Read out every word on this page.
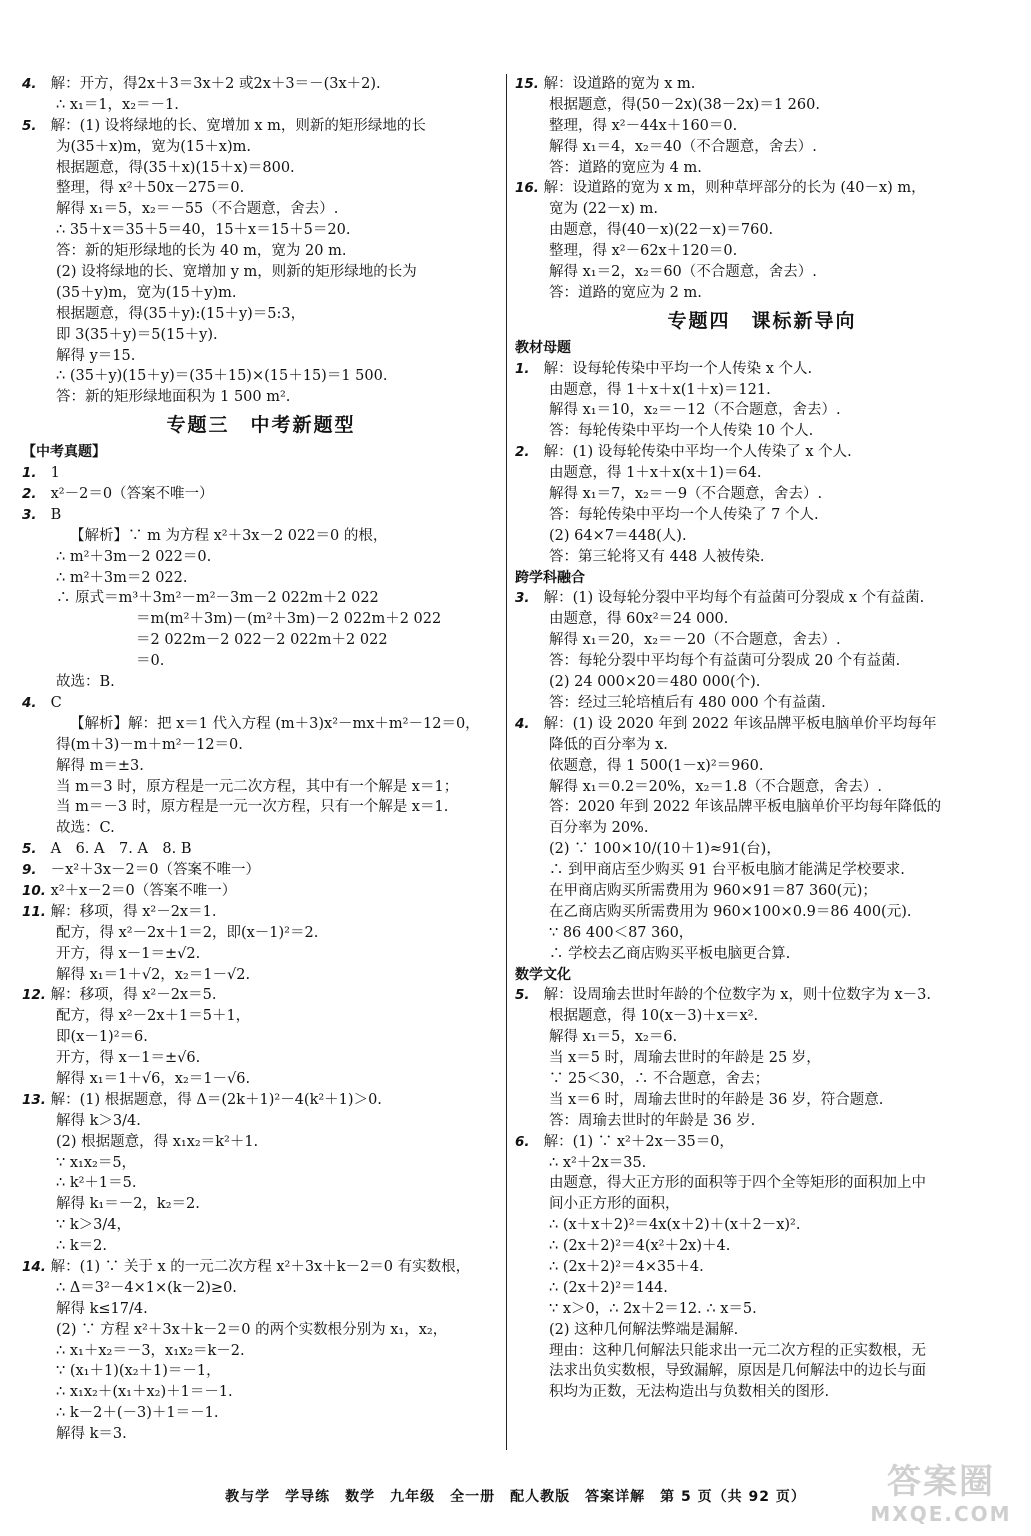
4. 解：开方，得2x＋3＝3x＋2 或2x＋3＝－(3x＋2).
∴ x₁＝1，x₂＝－1.
5. 解：(1) 设将绿地的长、宽增加 x m，则新的矩形绿地的长
为(35＋x)m，宽为(15＋x)m.
根据题意，得(35＋x)(15＋x)＝800.
整理，得 x²＋50x－275＝0.
解得 x₁＝5，x₂＝－55（不合题意，舍去）.
∴ 35＋x＝35＋5＝40，15＋x＝15＋5＝20.
答：新的矩形绿地的长为 40 m，宽为 20 m.
(2) 设将绿地的长、宽增加 y m，则新的矩形绿地的长为
(35＋y)m，宽为(15＋y)m.
根据题意，得(35＋y):(15＋y)＝5:3，
即 3(35＋y)＝5(15＋y).
解得 y＝15.
∴ (35＋y)(15＋y)＝(35＋15)×(15＋15)＝1 500.
答：新的矩形绿地面积为 1 500 m².
专题三　中考新题型
【中考真题】
1. 1
2. x²－2＝0（答案不唯一）
3. B
【解析】∵ m 为方程 x²＋3x－2 022＝0 的根，
∴ m²＋3m－2 022＝0.
∴ m²＋3m＝2 022.
∴ 原式＝m³＋3m²－m²－3m－2 022m＋2 022
＝m(m²＋3m)－(m²＋3m)－2 022m＋2 022
＝2 022m－2 022－2 022m＋2 022
＝0.
故选：B.
4. C
【解析】解：把 x＝1 代入方程 (m＋3)x²－mx＋m²－12＝0，
得(m＋3)－m＋m²－12＝0.
解得 m＝±3.
当 m＝3 时，原方程是一元二次方程，其中有一个解是 x＝1；
当 m＝－3 时，原方程是一元一次方程，只有一个解是 x＝1.
故选：C.
5. A　6. A　7. A　8. B
9. －x²＋3x－2＝0（答案不唯一）
10. x²＋x－2＝0（答案不唯一）
11. 解：移项，得 x²－2x＝1.
配方，得 x²－2x＋1＝2，即(x－1)²＝2.
开方，得 x－1＝±√2.
解得 x₁＝1＋√2，x₂＝1－√2.
12. 解：移项，得 x²－2x＝5.
配方，得 x²－2x＋1＝5＋1，
即(x－1)²＝6.
开方，得 x－1＝±√6.
解得 x₁＝1＋√6，x₂＝1－√6.
13. 解：(1) 根据题意，得 Δ＝(2k＋1)²－4(k²＋1)＞0.
解得 k＞3/4.
(2) 根据题意，得 x₁x₂＝k²＋1.
∵ x₁x₂＝5，
∴ k²＋1＝5.
解得 k₁＝－2，k₂＝2.
∵ k＞3/4，
∴ k＝2.
14. 解：(1) ∵ 关于 x 的一元二次方程 x²＋3x＋k－2＝0 有实数根，
∴ Δ＝3²－4×1×(k－2)≥0.
解得 k≤17/4.
(2) ∵ 方程 x²＋3x＋k－2＝0 的两个实数根分别为 x₁，x₂，
∴ x₁＋x₂＝－3，x₁x₂＝k－2.
∵ (x₁＋1)(x₂＋1)＝－1，
∴ x₁x₂＋(x₁＋x₂)＋1＝－1.
∴ k－2＋(－3)＋1＝－1.
解得 k＝3.
15. 解：设道路的宽为 x m.
根据题意，得(50－2x)(38－2x)＝1 260.
整理，得 x²－44x＋160＝0.
解得 x₁＝4，x₂＝40（不合题意，舍去）.
答：道路的宽应为 4 m.
16. 解：设道路的宽为 x m，则种草坪部分的长为 (40－x) m，
宽为 (22－x) m.
由题意，得(40－x)(22－x)＝760.
整理，得 x²－62x＋120＝0.
解得 x₁＝2，x₂＝60（不合题意，舍去）.
答：道路的宽应为 2 m.
专题四　课标新导向
教材母题
1. 解：设每轮传染中平均一个人传染 x 个人.
由题意，得 1＋x＋x(1＋x)＝121.
解得 x₁＝10，x₂＝－12（不合题意，舍去）.
答：每轮传染中平均一个人传染 10 个人.
2. 解：(1) 设每轮传染中平均一个人传染了 x 个人.
由题意，得 1＋x＋x(x＋1)＝64.
解得 x₁＝7，x₂＝－9（不合题意，舍去）.
答：每轮传染中平均一个人传染了 7 个人.
(2) 64×7＝448(人).
答：第三轮将又有 448 人被传染.
跨学科融合
3. 解：(1) 设每轮分裂中平均每个有益菌可分裂成 x 个有益菌.
由题意，得 60x²＝24 000.
解得 x₁＝20，x₂＝－20（不合题意，舍去）.
答：每轮分裂中平均每个有益菌可分裂成 20 个有益菌.
(2) 24 000×20＝480 000(个).
答：经过三轮培植后有 480 000 个有益菌.
4. 解：(1) 设 2020 年到 2022 年该品牌平板电脑单价平均每年
降低的百分率为 x.
依题意，得 1 500(1－x)²＝960.
解得 x₁＝0.2＝20%，x₂＝1.8（不合题意，舍去）.
答：2020 年到 2022 年该品牌平板电脑单价平均每年降低的
百分率为 20%.
(2) ∵ 100×10/(10＋1)≈91(台)，
∴ 到甲商店至少购买 91 台平板电脑才能满足学校要求.
在甲商店购买所需费用为 960×91＝87 360(元)；
在乙商店购买所需费用为 960×100×0.9＝86 400(元).
∵ 86 400＜87 360，
∴ 学校去乙商店购买平板电脑更合算.
数学文化
5. 解：设周瑜去世时年龄的个位数字为 x，则十位数字为 x－3.
根据题意，得 10(x－3)＋x＝x².
解得 x₁＝5，x₂＝6.
当 x＝5 时，周瑜去世时的年龄是 25 岁，
∵ 25＜30，∴ 不合题意，舍去；
当 x＝6 时，周瑜去世时的年龄是 36 岁，符合题意.
答：周瑜去世时的年龄是 36 岁.
6. 解：(1) ∵ x²＋2x－35＝0，
∴ x²＋2x＝35.
由题意，得大正方形的面积等于四个全等矩形的面积加上中
间小正方形的面积，
∴ (x＋x＋2)²＝4x(x＋2)＋(x＋2－x)².
∴ (2x＋2)²＝4(x²＋2x)＋4.
∴ (2x＋2)²＝4×35＋4.
∴ (2x＋2)²＝144.
∵ x＞0，∴ 2x＋2＝12. ∴ x＝5.
(2) 这种几何解法弊端是漏解.
理由：这种几何解法只能求出一元二次方程的正实数根，无
法求出负实数根，导致漏解，原因是几何解法中的边长与面
积均为正数，无法构造出与负数相关的图形.
教与学　学导练　数学　九年级　全一册　配人教版　答案详解　第 5 页（共 92 页）	答案圈
MXQE.COM
